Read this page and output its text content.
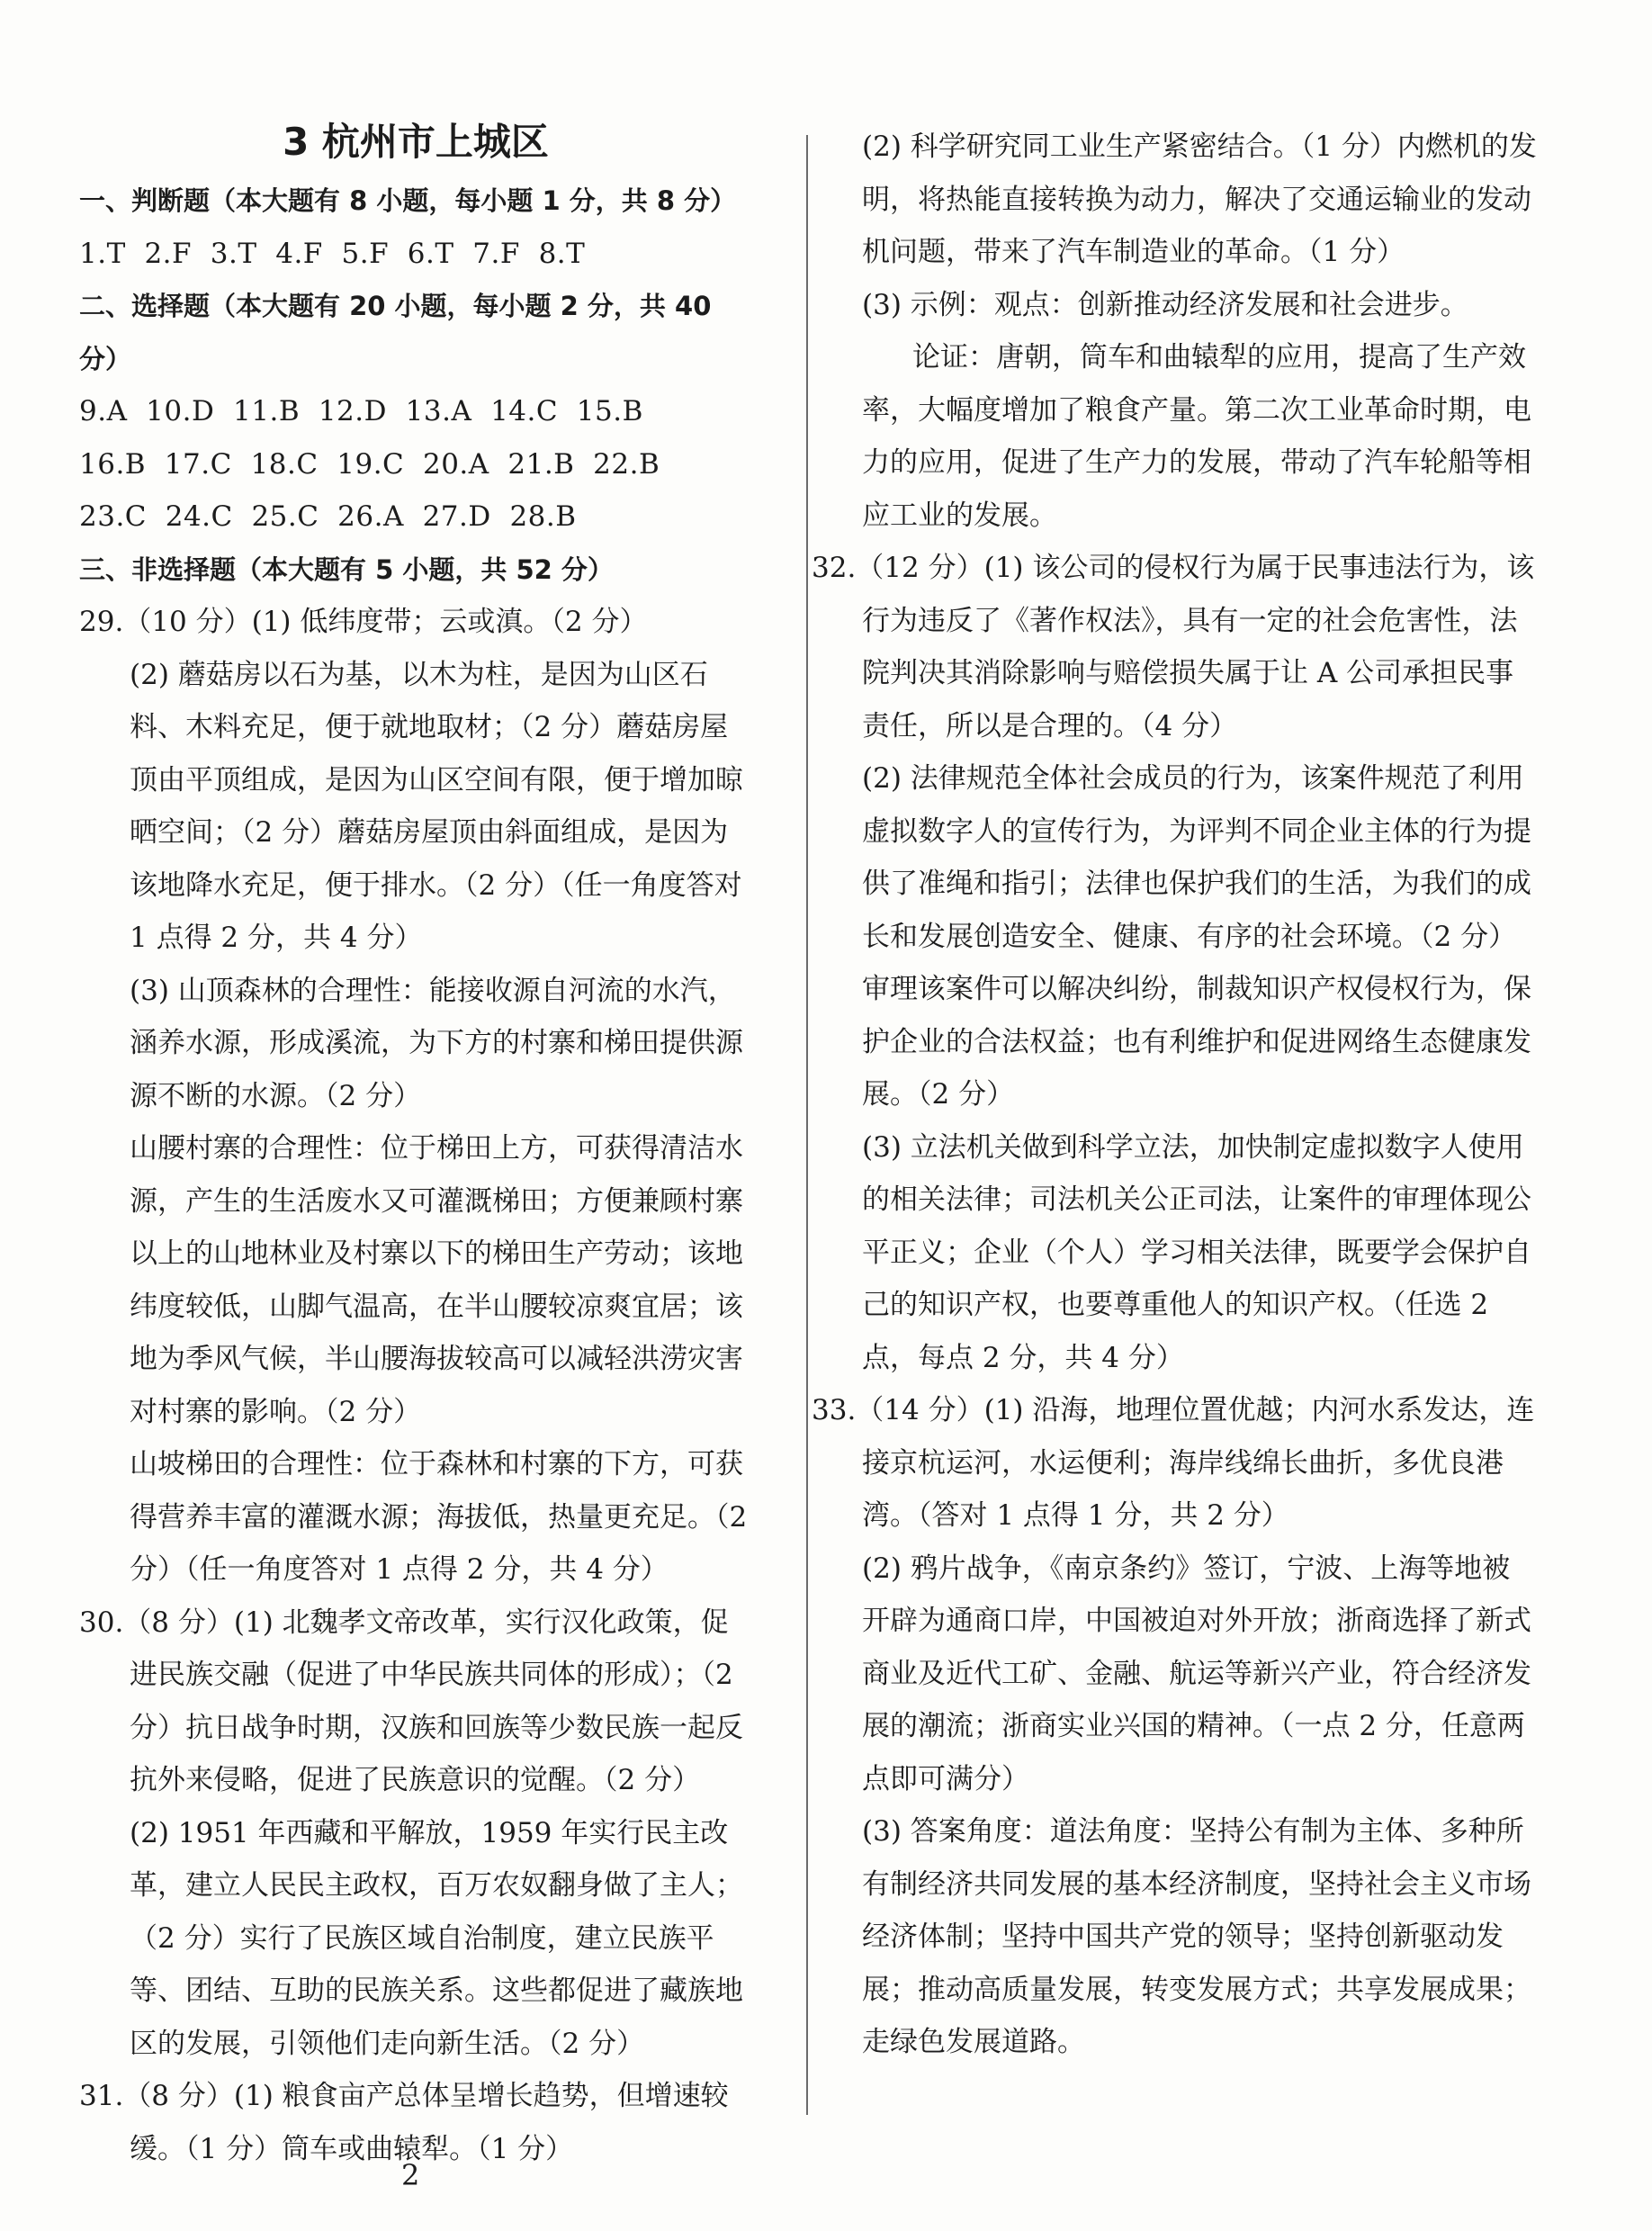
3 杭州市上城区

一、判断题（本大题有 8 小题，每小题 1 分，共 8 分）

1.T  2.F  3.T  4.F  5.F  6.T  7.F  8.T

二、选择题（本大题有 20 小题，每小题 2 分，共 40 分）

9.A  10.D  11.B  12.D  13.A  14.C  15.B

16.B  17.C  18.C  19.C  20.A  21.B  22.B

23.C  24.C  25.C  26.A  27.D  28.B

三、非选择题（本大题有 5 小题，共 52 分）

29.（10 分）(1) 低纬度带；云或滇。（2 分）

(2) 蘑菇房以石为基，以木为柱，是因为山区石料、木料充足，便于就地取材；（2 分）蘑菇房屋顶由平顶组成，是因为山区空间有限，便于增加晾晒空间；（2 分）蘑菇房屋顶由斜面组成，是因为该地降水充足，便于排水。（2 分）（任一角度答对 1 点得 2 分，共 4 分）

(3) 山顶森林的合理性：能接收源自河流的水汽，涵养水源，形成溪流，为下方的村寨和梯田提供源源不断的水源。（2 分）

山腰村寨的合理性：位于梯田上方，可获得清洁水源，产生的生活废水又可灌溉梯田；方便兼顾村寨以上的山地林业及村寨以下的梯田生产劳动；该地纬度较低，山脚气温高，在半山腰较凉爽宜居；该地为季风气候，半山腰海拔较高可以减轻洪涝灾害对村寨的影响。（2 分）

山坡梯田的合理性：位于森林和村寨的下方，可获得营养丰富的灌溉水源；海拔低，热量更充足。（2 分）（任一角度答对 1 点得 2 分，共 4 分）

30.（8 分）(1) 北魏孝文帝改革，实行汉化政策，促进民族交融（促进了中华民族共同体的形成）；（2 分）抗日战争时期，汉族和回族等少数民族一起反抗外来侵略，促进了民族意识的觉醒。（2 分）

(2) 1951 年西藏和平解放，1959 年实行民主改革，建立人民民主政权，百万农奴翻身做了主人；（2 分）实行了民族区域自治制度，建立民族平等、团结、互助的民族关系。这些都促进了藏族地区的发展，引领他们走向新生活。（2 分）

31.（8 分）(1) 粮食亩产总体呈增长趋势，但增速较缓。（1 分）筒车或曲辕犁。（1 分）

(2) 科学研究同工业生产紧密结合。（1 分）内燃机的发明，将热能直接转换为动力，解决了交通运输业的发动机问题，带来了汽车制造业的革命。（1 分）

(3) 示例：观点：创新推动经济发展和社会进步。

论证：唐朝，筒车和曲辕犁的应用，提高了生产效率，大幅度增加了粮食产量。第二次工业革命时期，电力的应用，促进了生产力的发展，带动了汽车轮船等相应工业的发展。

32.（12 分）(1) 该公司的侵权行为属于民事违法行为，该行为违反了《著作权法》，具有一定的社会危害性，法院判决其消除影响与赔偿损失属于让 A 公司承担民事责任，所以是合理的。（4 分）

(2) 法律规范全体社会成员的行为，该案件规范了利用虚拟数字人的宣传行为，为评判不同企业主体的行为提供了准绳和指引；法律也保护我们的生活，为我们的成长和发展创造安全、健康、有序的社会环境。（2 分）审理该案件可以解决纠纷，制裁知识产权侵权行为，保护企业的合法权益；也有利维护和促进网络生态健康发展。（2 分）

(3) 立法机关做到科学立法，加快制定虚拟数字人使用的相关法律；司法机关公正司法，让案件的审理体现公平正义；企业（个人）学习相关法律，既要学会保护自己的知识产权，也要尊重他人的知识产权。（任选 2 点，每点 2 分，共 4 分）

33.（14 分）(1) 沿海，地理位置优越；内河水系发达，连接京杭运河，水运便利；海岸线绵长曲折，多优良港湾。（答对 1 点得 1 分，共 2 分）

(2) 鸦片战争，《南京条约》签订，宁波、上海等地被开辟为通商口岸，中国被迫对外开放；浙商选择了新式商业及近代工矿、金融、航运等新兴产业，符合经济发展的潮流；浙商实业兴国的精神。（一点 2 分，任意两点即可满分）

(3) 答案角度：道法角度：坚持公有制为主体、多种所有制经济共同发展的基本经济制度，坚持社会主义市场经济体制；坚持中国共产党的领导；坚持创新驱动发展；推动高质量发展，转变发展方式；共享发展成果；走绿色发展道路。

2
